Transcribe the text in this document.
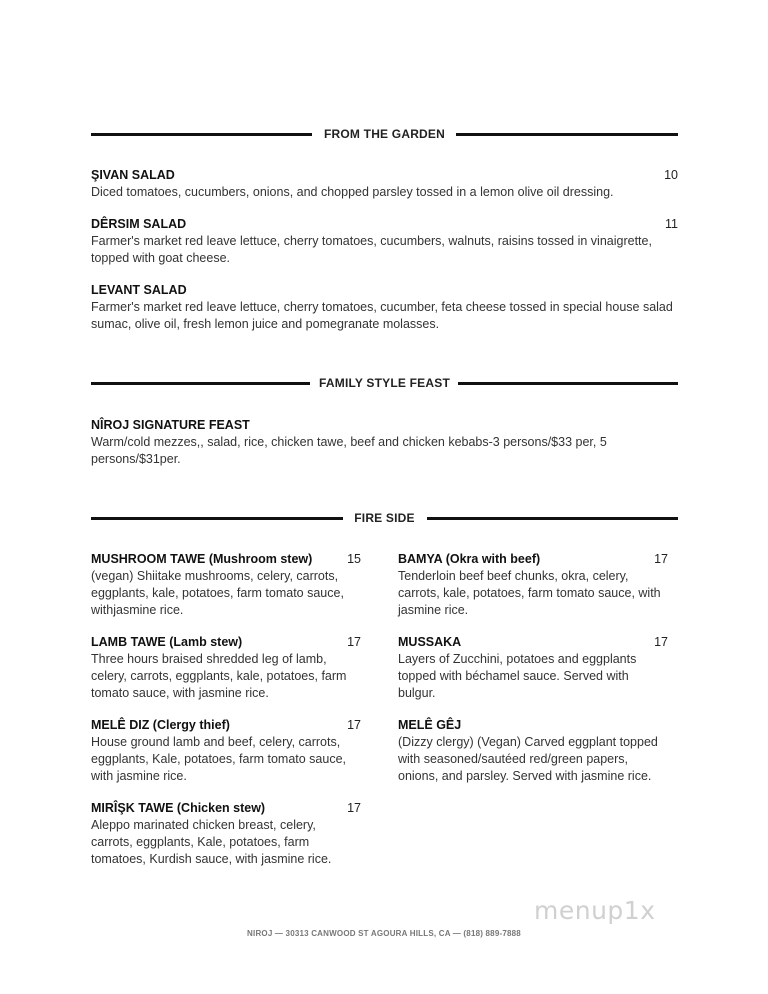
FROM THE GARDEN
ŞIVAN SALAD	10
Diced tomatoes, cucumbers, onions, and chopped parsley tossed in a lemon olive oil dressing.
DÊRSIM SALAD	11
Farmer's market red leave lettuce, cherry tomatoes, cucumbers, walnuts, raisins tossed in vinaigrette, topped with goat cheese.
LEVANT SALAD
Farmer's market red leave lettuce, cherry tomatoes, cucumber, feta cheese tossed in special house salad sumac, olive oil, fresh lemon juice and pomegranate molasses.
FAMILY STYLE FEAST
NÎROJ SIGNATURE FEAST
Warm/cold mezzes,, salad, rice, chicken tawe, beef and chicken kebabs-3 persons/$33 per, 5 persons/$31per.
FIRE SIDE
MUSHROOM TAWE (Mushroom stew)	15
(vegan) Shiitake mushrooms, celery, carrots, eggplants, kale, potatoes, farm tomato sauce, withjasmine rice.
LAMB TAWE (Lamb stew)	17
Three hours braised shredded leg of lamb, celery, carrots, eggplants, kale, potatoes, farm tomato sauce, with jasmine rice.
MELÊ DIZ (Clergy thief)	17
House ground lamb and beef, celery, carrots, eggplants, Kale, potatoes, farm tomato sauce, with jasmine rice.
MIRÎŞK TAWE (Chicken stew)	17
Aleppo marinated chicken breast, celery, carrots, eggplants, Kale, potatoes, farm tomatoes, Kurdish sauce, with jasmine rice.
BAMYA (Okra with beef)	17
Tenderloin beef beef chunks, okra, celery, carrots, kale, potatoes, farm tomato sauce, with jasmine rice.
MUSSAKA	17
Layers of Zucchini, potatoes and eggplants topped with béchamel sauce. Served with bulgur.
MELÊ GÊJ
(Dizzy clergy) (Vegan) Carved eggplant topped with seasoned/sautéed red/green papers, onions, and parsley. Served with jasmine rice.
menup1x
NIROJ — 30313 CANWOOD ST AGOURA HILLS, CA — (818) 889-7888
